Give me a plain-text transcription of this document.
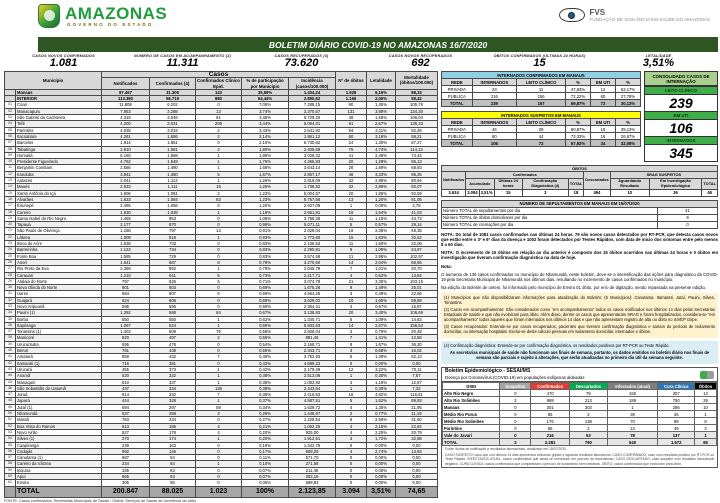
AMAZONAS
GOVERNO DO ESTADO
FVS
FUNDAÇÃO DE VIGILÂNCIA EM SAÚDE DO AMAZONAS
BOLETIM DIÁRIO COVID-19 NO AMAZONAS 16/7/2020
CASOS NOVOS CONFIRMADOS
1.081
NÚMERO DE CASOS EM ACOMPANHAMENTO (2)
11.311
CASOS RECUPERADOS (3)
73.620
CASOS NOVOS RECUPERADOS
692
ÓBITOS CONFIRMADOS (ÚLTIMAS 24 HORAS)
15
LETALIDADE
3,51%
Município		Casos					Nº de óbitos	Letalidade	Mortalidade (óbitos/100.000)
		Notificados	Confirmados (4)	Confirmados Clínico Epid.	% de participação por Município	Incidência (casos/100.000)			
	Manaus	87.467	31.306	143	35,56%	1.434,24	1.928	6,16%	88,33
	INTERIOR	113.380	56.719	880	64,44%	2.890,62	1.166	2,06%	59,42
01	Coari	11.808	6.202	0	7,05%	7.288,15	90	1,45%	105,76
02	Manacapuru	7.953	3.288	13	3,74%	3.370,57	131	3,98%	134,30
03	São Gabriel da Cachoeira	4.315	3.046	61	3,46%	6.729,20	48	1,58%	106,04
04	Tefé	4.200	3.031	209	3,44%	5.064,31	81	2,67%	135,33
05	Parintins	4.035	3.019	2	3,43%	2.641,92	94	3,11%	82,26
06	Itacoatiara	4.261	1.886	2	2,14%	1.861,12	60	3,18%	59,21
07	Barcelos	1.914	1.851	0	2,10%	6.730,62	24	1,30%	87,27
08	Tabatinga	2.910	1.581	2	1,80%	2.405,69	75	4,74%	114,13
09	Humaitá	5.150	1.668	1	1,89%	3.028,32	41	2,46%	74,44
10	Presidente Figueiredo	4.762	1.548	1	1,76%	4.266,93	20	1,29%	55,13
11	Benjamin Constant	2.566	1.480	1	1,68%	3.643,14	28	1,89%	68,93
12	Iranduba	3.942	1.380	5	1,57%	2.857,17	46	3,33%	95,25
13	Autazes	2.041	1.113	1	1,26%	2.815,09	32	2,88%	80,94
14	Maués	2.533	1.111	15	1,26%	1.738,52	32	2,88%	50,07
15	Santo Antônio do Içá	1.606	1.081	2	1,23%	5.004,57	20	1,85%	92,59
16	Alvarães	1.633	1.084	83	1,23%	6.757,68	13	1,20%	81,05
17	Eirunepé	2.495	1.056	0	1,20%	2.937,09	1	0,09%	2,78
18	Careiro	1.630	1.038	1	1,18%	2.661,81	16	1,54%	41,03
19	Santa Isabel do Rio Negro	1.455	953	0	1,08%	3.788,38	11	1,15%	43,73
20	Tapauá	2.177	870	0	0,99%	5.071,11	5	0,57%	29,14
21	São Paulo de Olivença	1.168	797	13	0,91%	2.028,04	19	2,38%	48,35
22	Lábrea	1.009	818	1	0,93%	1.773,60	15	1,83%	32,52
23	Boca do Acre	1.638	733	0	0,83%	2.136,53	11	1,50%	32,06
24	Barreirinha	1.122	734	0	0,83%	2.290,81	8	1,09%	24,97
25	Fonte Boa	1.585	729	0	0,83%	3.574,58	21	2,88%	102,97
26	Anori	1.641	687	8	0,78%	3.270,50	14	2,04%	66,65
27	Rio Preto da Eva	2.369	692	1	0,79%	2.045,79	7	1,01%	20,70
28	Carauari	1.210	641	5	0,73%	2.217,71	4	0,62%	13,84
29	Atalaia do Norte	797	626	5	0,71%	3.074,78	21	3,35%	103,15
30	Nova Olinda do Norte	601	603	0	0,69%	1.675,28	9	1,49%	25,01
31	Uarini	684	607	0	0,69%	4.564,25	3	0,49%	22,56
32	Guajará	624	606	0	0,69%	3.629,02	10	1,65%	59,88
33	Novo Aripuanã	595	596	0	0,68%	2.364,41	4	0,67%	15,87
34	Pauini (1)	1.292	588	84	0,67%	3.136,83	20	3,40%	106,69
35	Borba	550	550	1	0,62%	1.340,71	6	1,09%	14,63
36	Itapiranga	1.087	524	1	0,60%	5.933,83	14	2,67%	158,53
37	Tonantins (1)	1.402	509	76	0,58%	2.606,04	4	0,79%	20,48
38	Manicoré	820	497	2	0,56%	891,46	7	1,41%	12,56
39	Urucurituba	595	478	0	0,54%	2.168,71	8	1,67%	36,30
40	Beruri	761	439	0	0,50%	2.343,71	3	0,68%	16,02
41	Amaturá	859	432	7	0,49%	3.752,93	6	1,39%	52,13
42	Itamarati (1)	716	381	0	0,43%	4.689,23	0	0,00%	0,00
43	Urucará	455	373	1	0,42%	2.179,49	12	3,22%	70,11
44	Anamã	520	332	1	0,38%	2.513,06	1	0,30%	7,57
45	Manaquiri	810	337	1	0,38%	1.083,92	4	1,19%	12,87
46	São Sebastião do Uatumã	437	334	136	0,38%	2.443,64	1	0,30%	7,32
47	Juruá	614	332	7	0,38%	2.419,53	16	4,82%	116,61
48	Japurá	444	328	1	0,37%	4.587,51	5	1,52%	69,93
49	Jutaí (1)	694	297	59	0,34%	1.629,72	4	1,35%	21,95
50	Nhamundá	537	259	3	0,29%	1.448,67	2	0,77%	11,19
51	Maraã	763	234	0	0,27%	1.228,54	6	2,56%	31,50
52	Boa Vista do Ramos	613	186	4	0,21%	1.062,25	4	2,15%	22,84
53	Novo Airão	527	178	4	0,20%	925,00	4	2,25%	20,79
54	Silves (1)	270	174	1	0,20%	1.912,51	3	1,72%	32,98
55	Caapiranga	239	163	0	0,19%	1.342,76	0	0,00%	0,00
56	Codajás	992	146	0	0,17%	508,29	4	2,74%	13,93
57	Canutama (1)	687	94	0	0,11%	571,70	0	0,00%	0,00
58	Careiro da Várzea	234	84	1	0,10%	271,58	0	0,00%	0,00
59	Ipixuna	335	63	0	0,07%	211,49	0	0,00%	0,00
60	Apuí	665	63	0	0,07%	283,16	0	0,00%	0,00
61	Envira	305	55	0	0,06%	598,83	0	0,00%	0,00
	TOTAL	200.847	88.025	1.023	100%	2.123,85	3.094	3,51%	74,65
FONTE: Casos confirmados: Secretarias Municipais de Saúde / Óbitos: Serviços de Saúde de ocorrência do óbito
INTERNADOS CONFIRMADOS EM MANAUS					
REDE	INTERNADOS	LEITO CLÍNICO	%	EM UTI	%
PRIVADA	23	11	47,83%	12	52,17%
PÚBLICA	216	156	72,22%	60	27,78%
TOTAL	239	167	69,87%	72	30,13%
INTERNADOS SUSPEITOS EM MANAUS					
REDE	INTERNADOS	LEITO CLÍNICO	%	EM UTI	%
PRIVADA	46	28	60,87%	18	39,13%
PÚBLICA	60	44	73,33%	16	26,67%
TOTAL	106	72	67,92%	34	32,08%
CONSOLIDADO CASOS DE INTERNAÇÃO
LEITO CLÍNICO
239
EM UTI
106
INTERNADOS
345
ÓBITOS									
Notificados	Confirmados					Descartados	SRAG SUSPEITOS		
	Acumulado		Últimas 24 horas	Confirmação Diagnóstica (4)	TOTAL		Aguardando Resultado	Em Investigação Epidemiológica	TOTAL
3.634	3.094	3,51%	15	3	18	494	10	36	46
NÚMERO DE SEPULTAMENTOS EM MANAUS EM 15/07/2020	
Número TOTAL de sepultamentos por dia	41
Número TOTAL de óbitos domiciliares por dia	9
Número TOTAL de cremações por dia	0
NOTA: Do total de 1081 casos confirmados nas últimas 24 horas, 79 são novos casos detectados por RT-PCR, que detecta casos novos que estão entre o 3º e 6º dias da doença e 1002 foram detectados por Testes Rápidos, com data de início dos sintomas entre pelo menos 8 a 60 dias.
NOTA: O incremento de 15 óbitos em relação ao dia anterior é composto dos 15 óbitos ocorridos nas últimas 24 horas e 0 óbitos em investigação que tiveram confirmação diagnóstica na data de hoje.
Nota:
O aumento de 136 casos confirmados no município de Nhamundá, neste boletim, deve-se a intensificação das ações para diagnóstico da COVID-19 pela Secretaria Municipal de Nhamundá nos últimos dias, resultando no incremento de casos confirmados no município.
Na edição do Boletim de ontem, foi informado pelo município de Envira 01 óbito, por erro de digitação, sendo repassada na presente edição.

(1) Municípios que não disponibilizaram informações para atualização do Boletim: (6 Municípios): Canutama, Itamarati, Jutaí, Pauini, Silves, Tonantins.

(2) Casos em acompanhamento: São considerados como "em acompanhamento" todos os casos notificados nos últimos 14 dias pelas Secretarias Estaduais de Saúde e que não evoluíram para óbito. Além disso, dentre os casos que apresentaram SRAG e foram hospitalizados, considera-se "em acompanhamento" todos aqueles que foram internados nos últimos 14 dias e que não apresentam registro de alta ou óbito no SIVEP Gripe.

(3) Casos recuperados: Entende-se por casos recuperados, pacientes que tiveram confirmação diagnóstica e saíram do período de isolamento domiciliar, ou internação hospitalar. Exclui-se deste cálculo pessoas em isolamento domiciliar, internados e óbitos.

(4) Confirmação diagnóstica: Entende-se por confirmação diagnóstica, os resultados positivos por RT-PCR ou Teste Rápido.

As secretarias municipais de saúde não funcionam aos finais de semana, portanto, os dados emitidos no boletim diário nos finais de semana são parciais e sujeito à alterações, que serão atualizadas no primeiro dia útil da semana seguinte.

Boletim Epidemiológico - SESAI/MS
Doença por Coronavírus (COVID-19) em populações indígenas aldeadas
DSEI	Suspeitos	Confirmados	Descartados	Infectados (atual)	Cura Clínica	Óbitos
Alto Rio Negro	0	470	79	150	307	13
Alto Rio Solimões	2	968	213	189	750	29
Manaus	0	301	303	1	286	10
Médio Rio Purus	0	85	2	39	45	1
Médio Rio Solimões	0	176	138	70	98	8
Parintins	0	65	2	13	49	3
Vale do Javari	0	216	53	78	137	1
TOTAL	2	2.281	790	540	1.672	65
Fonte: fichas de notificação e resultados laboratoriais, atualizado em 15/07/2020.
CASO SUSPEITO: caso que nos últimos 14 dias apresentou sintomas gripais e aguarda resultado laboratorial. CASO CONFIRMADO: caso com resultado positivo por RT-PCR ou Teste Rápido. INFECTADOS ATUAL: casos confirmados que ainda se encontram em período de transmissão. CASO DESCARTADO: caso suspeito com resultado laboratorial negativo. CURA CLÍNICA: casos confirmados que completaram o período de isolamento sem sintomas. ÓBITO: casos confirmados que evoluíram para óbito.
